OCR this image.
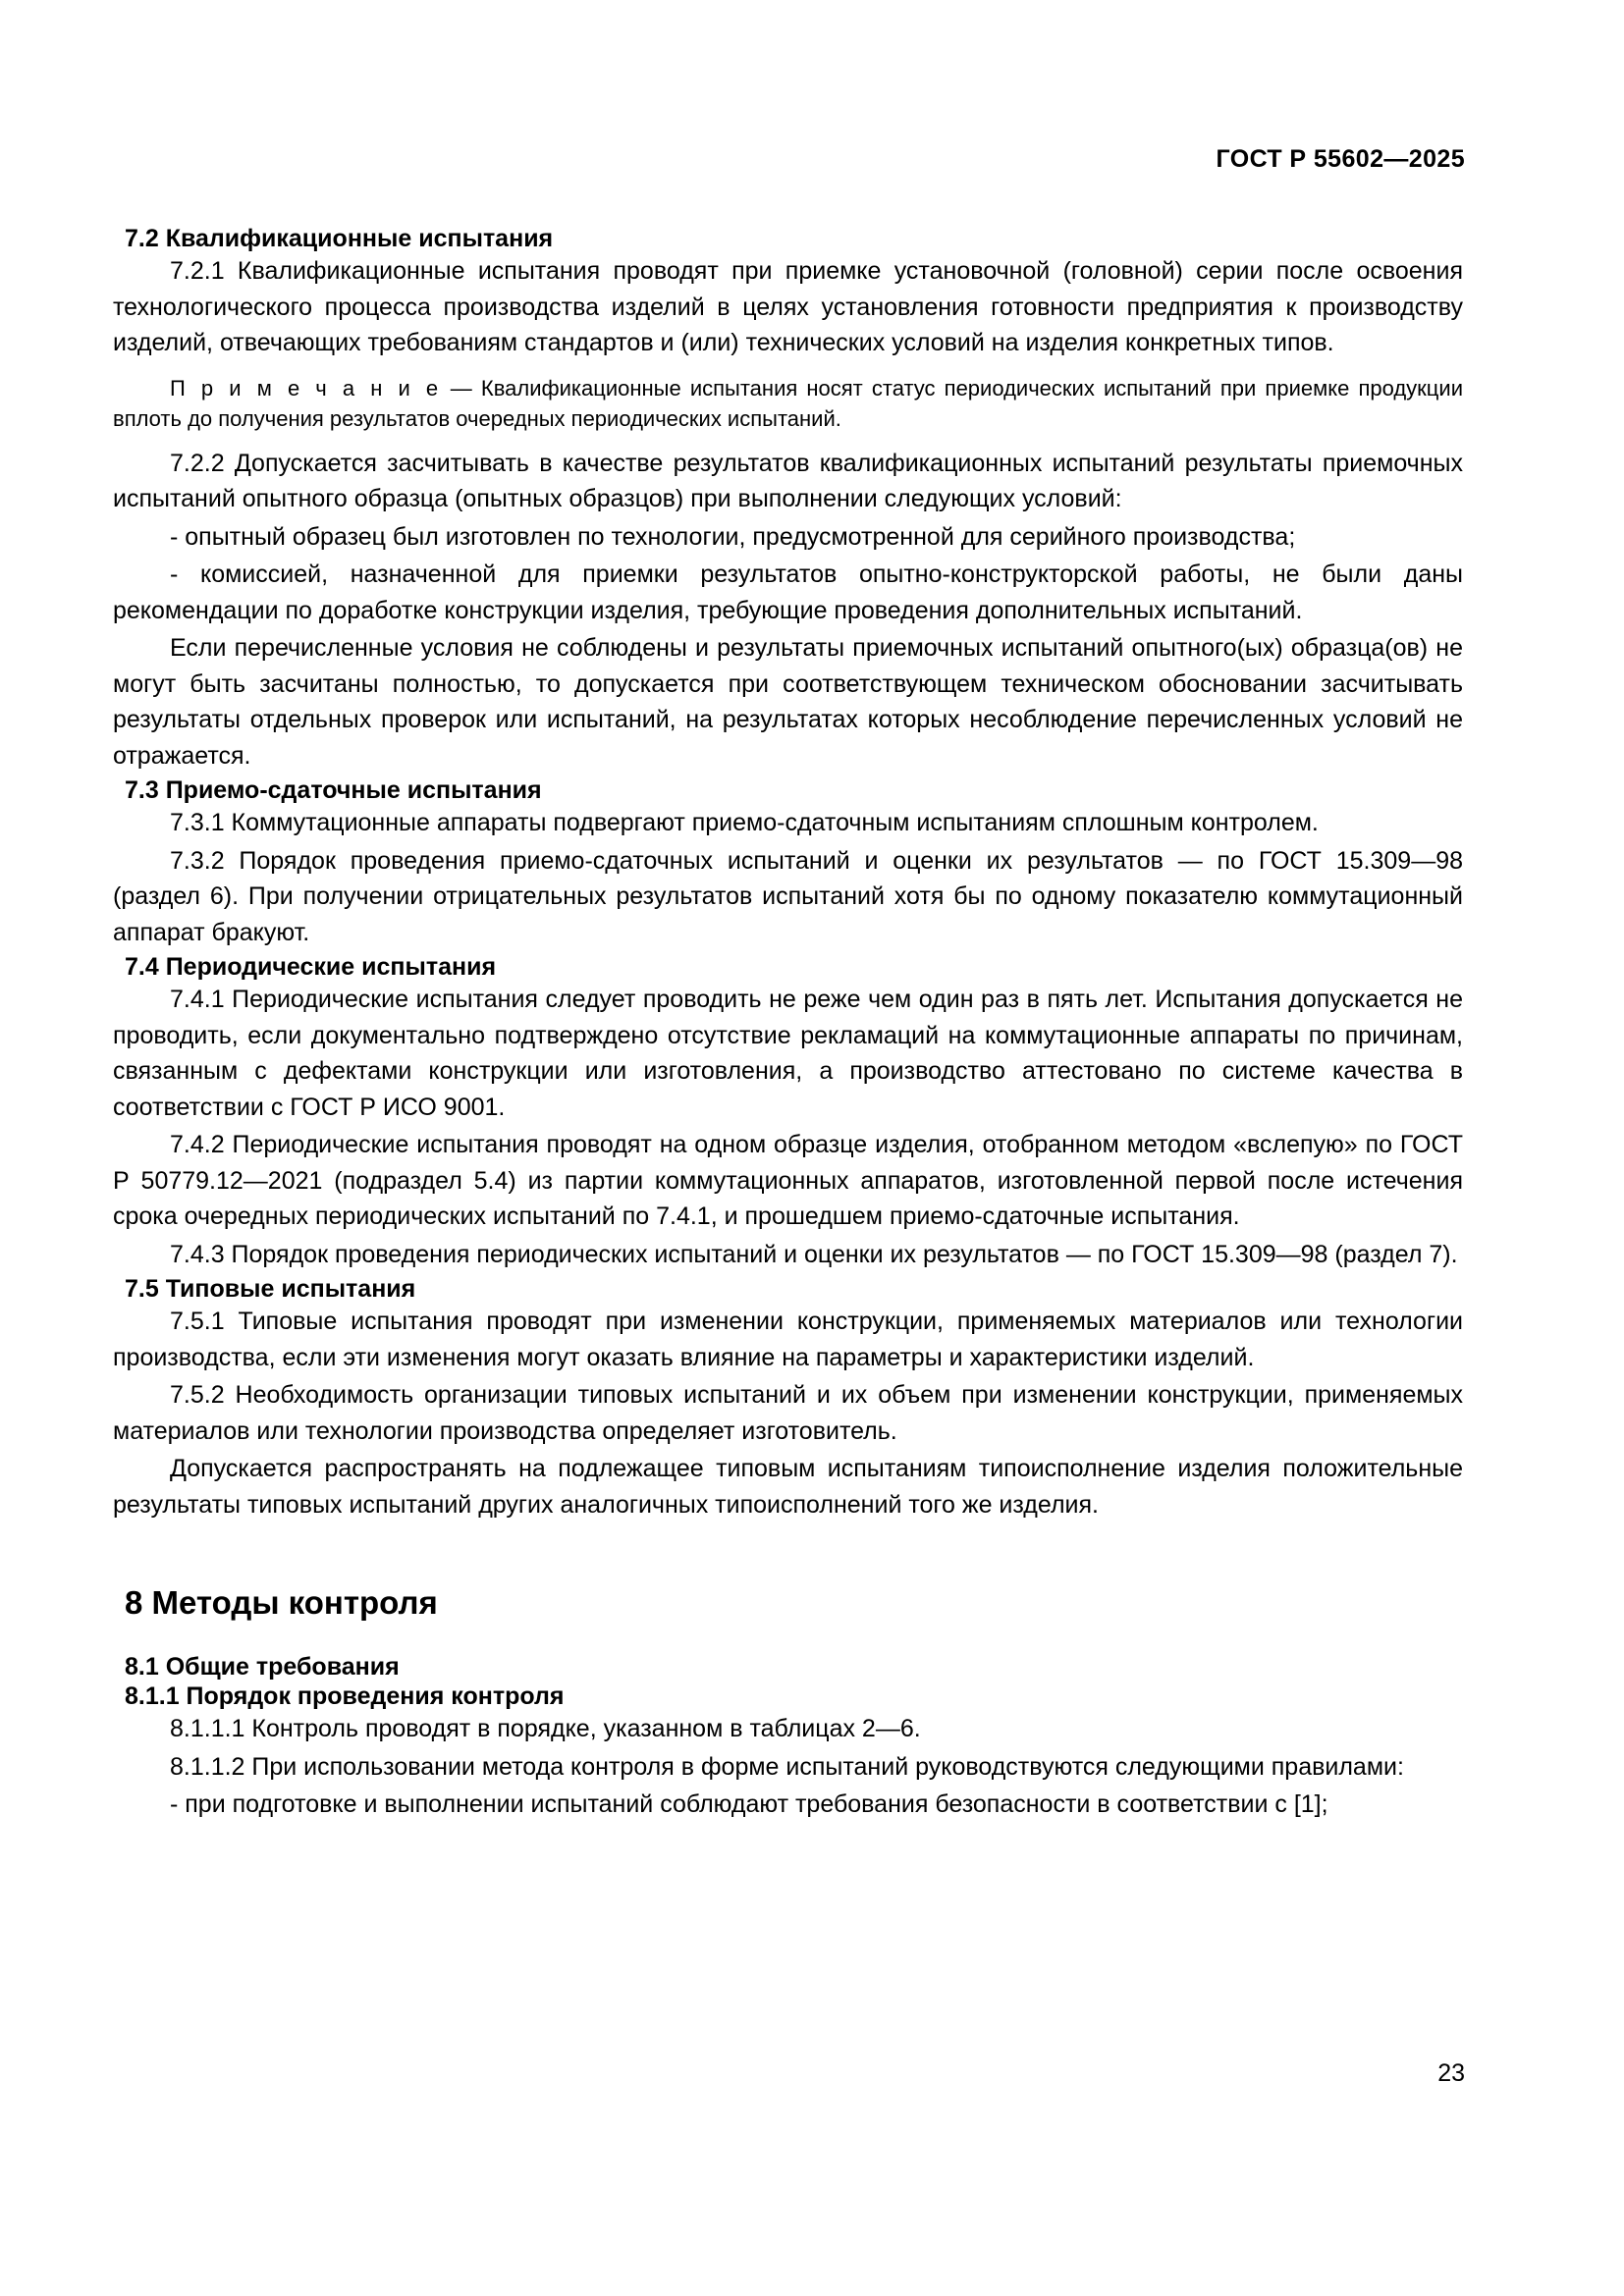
ГОСТ Р 55602—2025
7.2 Квалификационные испытания

7.2.1 Квалификационные испытания проводят при приемке установочной (головной) серии после освоения технологического процесса производства изделий в целях установления готовности предприятия к производству изделий, отвечающих требованиям стандартов и (или) технических условий на изделия конкретных типов.

П р и м е ч а н и е — Квалификационные испытания носят статус периодических испытаний при приемке продукции вплоть до получения результатов очередных периодических испытаний.

7.2.2 Допускается засчитывать в качестве результатов квалификационных испытаний результаты приемочных испытаний опытного образца (опытных образцов) при выполнении следующих условий:

- опытный образец был изготовлен по технологии, предусмотренной для серийного производства;

- комиссией, назначенной для приемки результатов опытно-конструкторской работы, не были даны рекомендации по доработке конструкции изделия, требующие проведения дополнительных испытаний.

Если перечисленные условия не соблюдены и результаты приемочных испытаний опытного(ых) образца(ов) не могут быть засчитаны полностью, то допускается при соответствующем техническом обосновании засчитывать результаты отдельных проверок или испытаний, на результатах которых несоблюдение перечисленных условий не отражается.

7.3 Приемо-сдаточные испытания

7.3.1 Коммутационные аппараты подвергают приемо-сдаточным испытаниям сплошным контролем.

7.3.2 Порядок проведения приемо-сдаточных испытаний и оценки их результатов — по ГОСТ 15.309—98 (раздел 6). При получении отрицательных результатов испытаний хотя бы по одному показателю коммутационный аппарат бракуют.

7.4 Периодические испытания

7.4.1 Периодические испытания следует проводить не реже чем один раз в пять лет. Испытания допускается не проводить, если документально подтверждено отсутствие рекламаций на коммутационные аппараты по причинам, связанным с дефектами конструкции или изготовления, а производство аттестовано по системе качества в соответствии с ГОСТ Р ИСО 9001.

7.4.2 Периодические испытания проводят на одном образце изделия, отобранном методом «вслепую» по ГОСТ Р 50779.12—2021 (подраздел 5.4) из партии коммутационных аппаратов, изготовленной первой после истечения срока очередных периодических испытаний по 7.4.1, и прошедшем приемо-сдаточные испытания.

7.4.3 Порядок проведения периодических испытаний и оценки их результатов — по ГОСТ 15.309—98 (раздел 7).

7.5 Типовые испытания

7.5.1 Типовые испытания проводят при изменении конструкции, применяемых материалов или технологии производства, если эти изменения могут оказать влияние на параметры и характеристики изделий.

7.5.2 Необходимость организации типовых испытаний и их объем при изменении конструкции, применяемых материалов или технологии производства определяет изготовитель.

Допускается распространять на подлежащее типовым испытаниям типоисполнение изделия положительные результаты типовых испытаний других аналогичных типоисполнений того же изделия.

8 Методы контроля
8.1 Общие требования
8.1.1 Порядок проведения контроля

8.1.1.1 Контроль проводят в порядке, указанном в таблицах 2—6.

8.1.1.2 При использовании метода контроля в форме испытаний руководствуются следующими правилами:

- при подготовке и выполнении испытаний соблюдают требования безопасности в соответствии с [1];

23
